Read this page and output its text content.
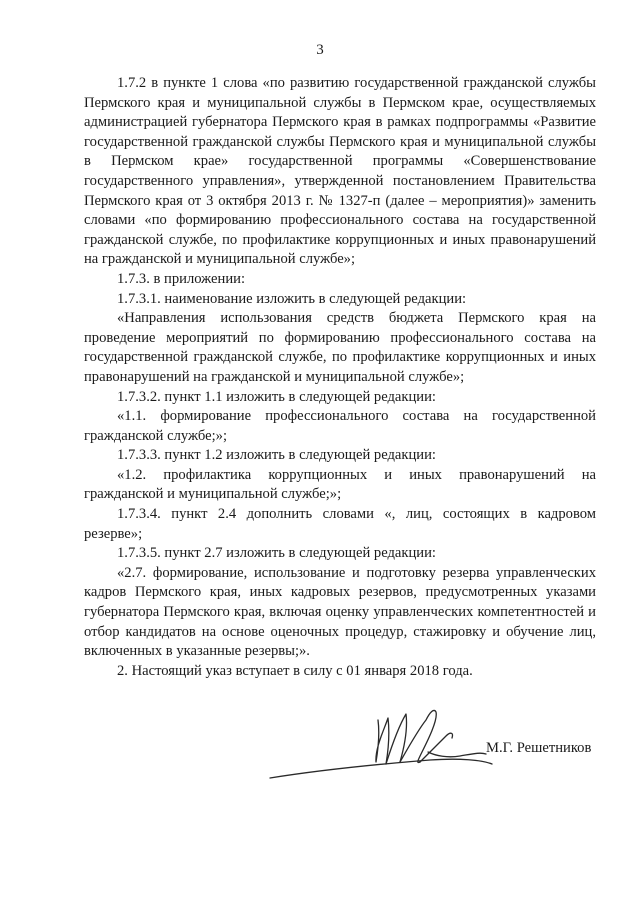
3

1.7.2 в пункте 1 слова «по развитию государственной гражданской службы Пермского края и муниципальной службы в Пермском крае, осуществляемых администрацией губернатора Пермского края в рамках подпрограммы «Развитие государственной гражданской службы Пермского края и муниципальной службы в Пермском крае» государственной программы «Совершенствование государственного управления», утвержденной постановлением Правительства Пермского края от 3 октября 2013 г. № 1327-п (далее – мероприятия)» заменить словами «по формированию профессионального состава на государственной гражданской службе, по профилактике коррупционных и иных правонарушений на гражданской и муниципальной службе»;

1.7.3. в приложении:

1.7.3.1. наименование изложить в следующей редакции:

«Направления использования средств бюджета Пермского края на проведение мероприятий по формированию профессионального состава на государственной гражданской службе, по профилактике коррупционных и иных правонарушений на гражданской и муниципальной службе»;

1.7.3.2. пункт 1.1 изложить в следующей редакции:

«1.1. формирование профессионального состава на государственной гражданской службе;»;

1.7.3.3. пункт 1.2 изложить в следующей редакции:

«1.2. профилактика коррупционных и иных правонарушений на гражданской и муниципальной службе;»;

1.7.3.4. пункт 2.4 дополнить словами «, лиц, состоящих в кадровом резерве»;

1.7.3.5. пункт 2.7 изложить в следующей редакции:

«2.7. формирование, использование и подготовку резерва управленческих кадров Пермского края, иных кадровых резервов, предусмотренных указами губернатора Пермского края, включая оценку управленческих компетентностей и отбор кандидатов на основе оценочных процедур, стажировку и обучение лиц, включенных в указанные резервы;».

2. Настоящий указ вступает в силу с 01 января 2018 года.

М.Г. Решетников
